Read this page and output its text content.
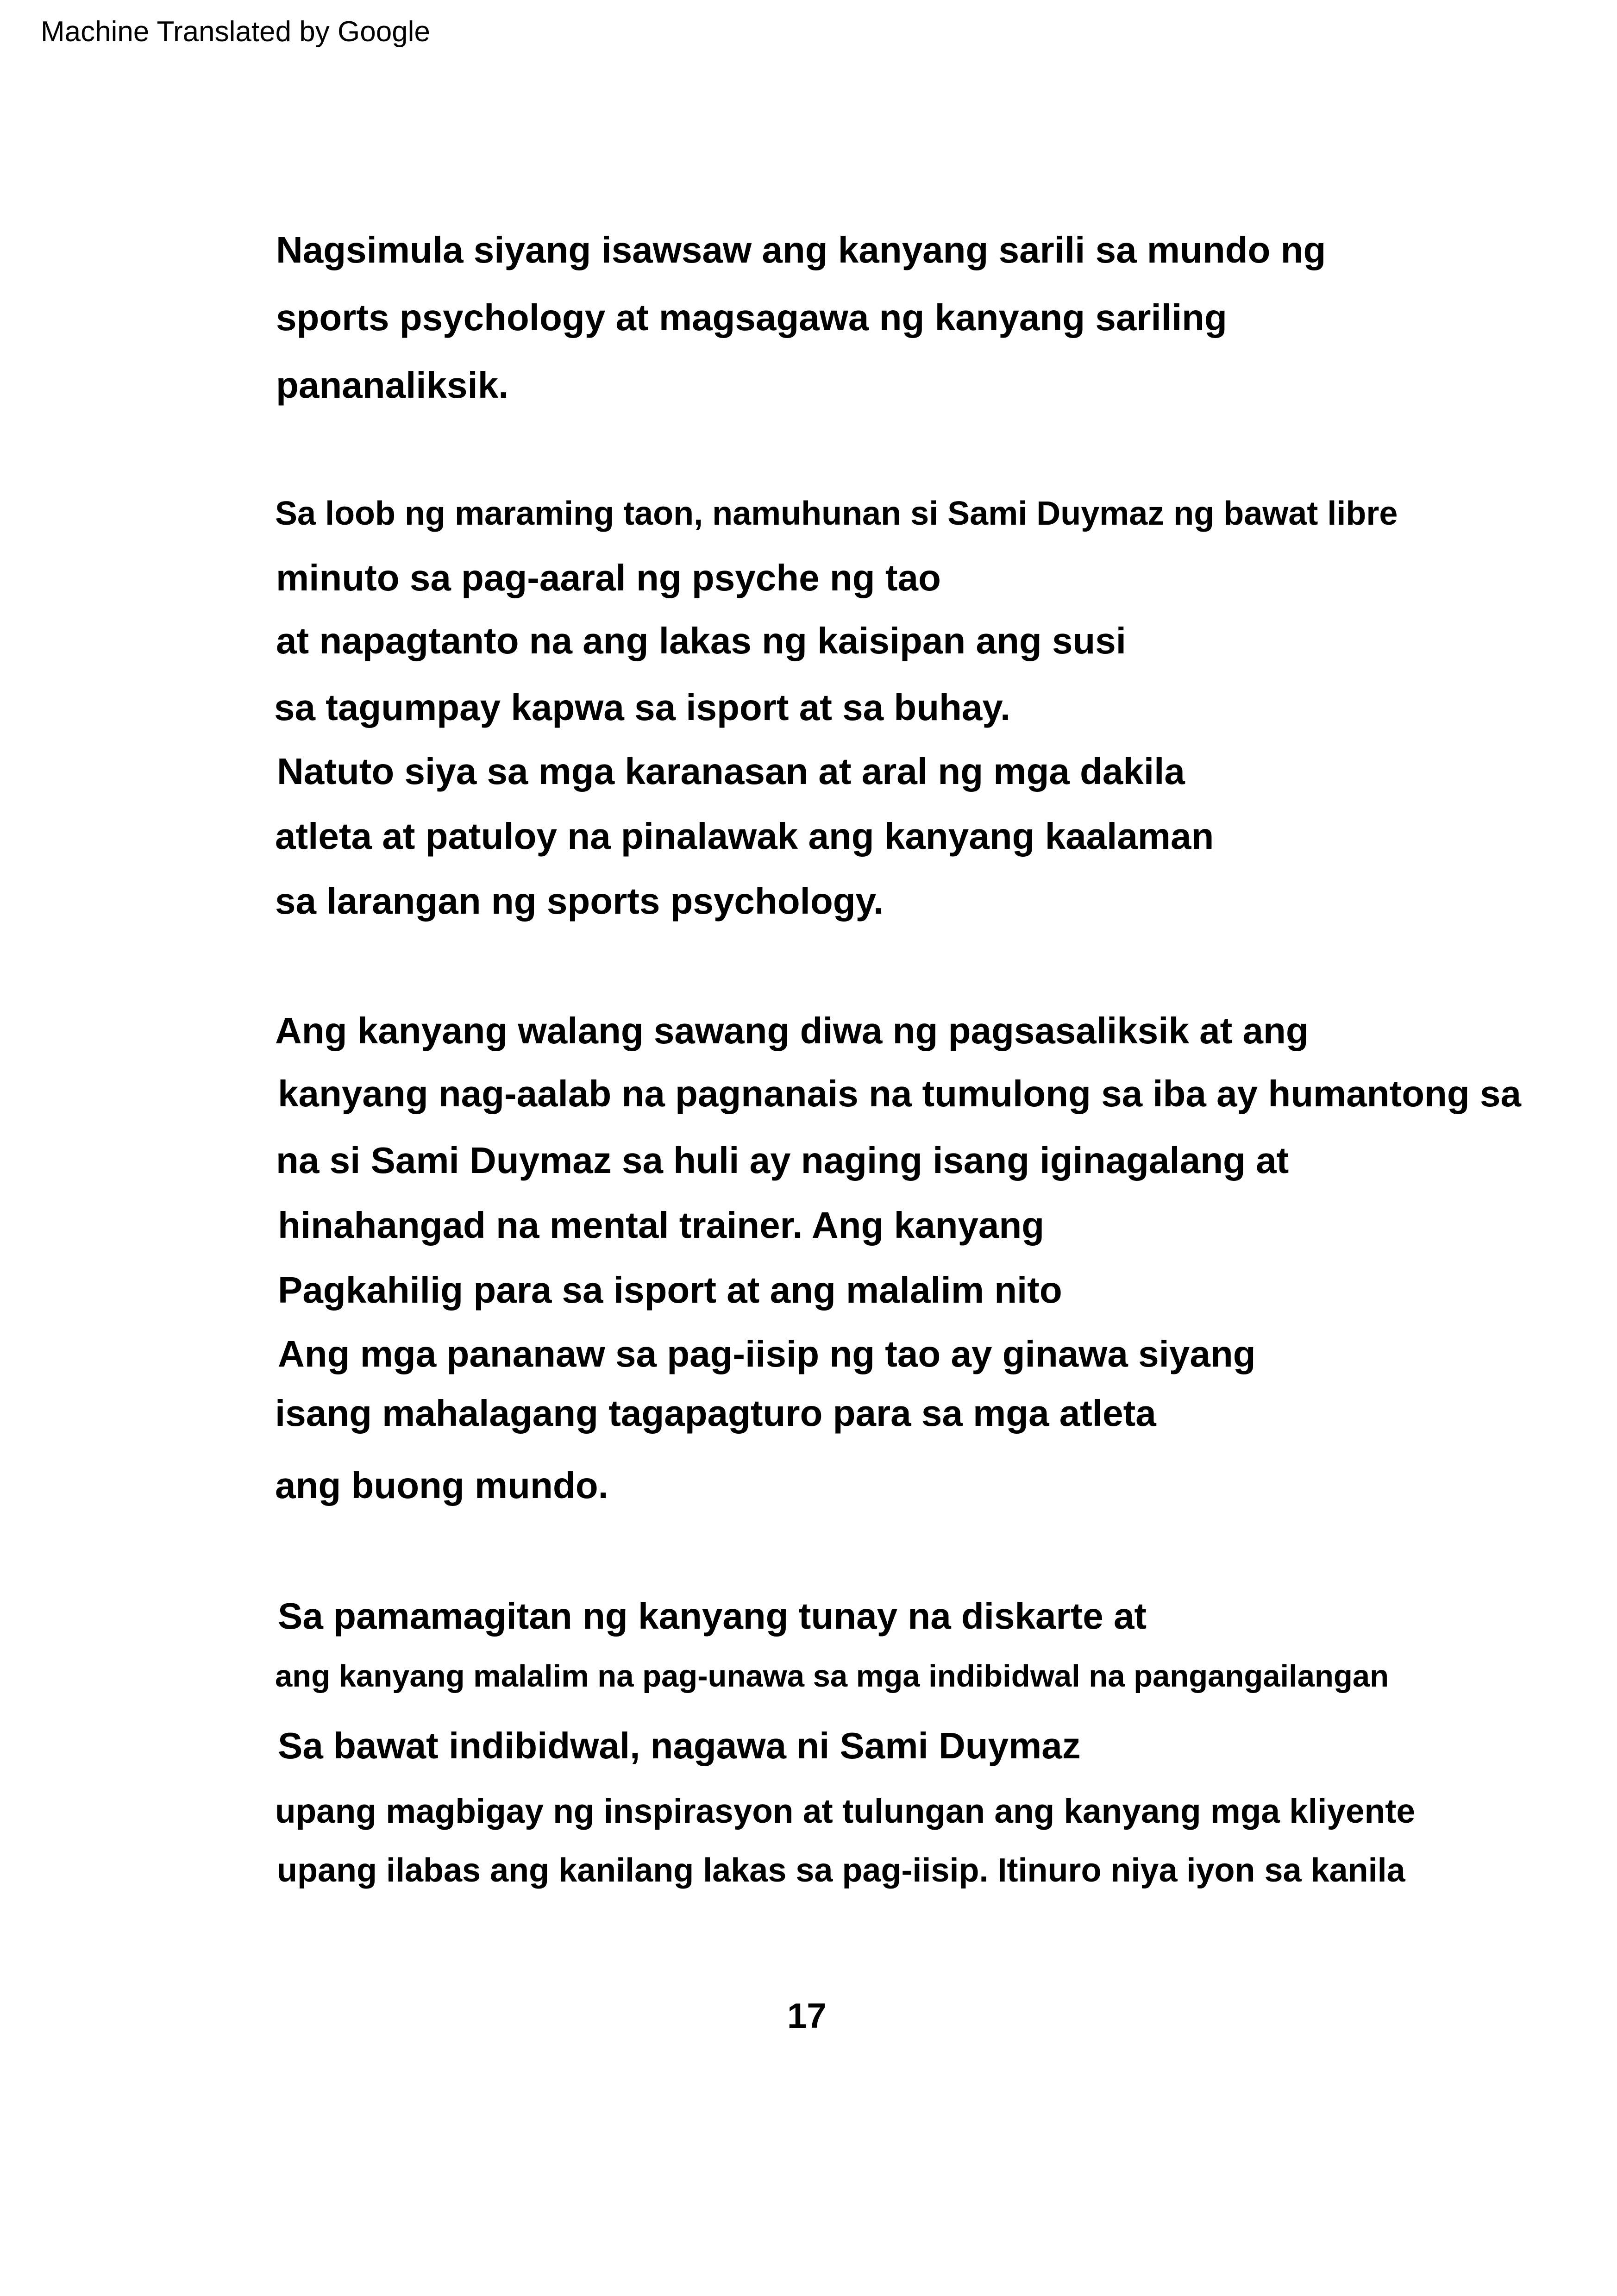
Machine Translated by Google
Nagsimula siyang isawsaw ang kanyang sarili sa mundo ng
sports psychology at magsagawa ng kanyang sariling
pananaliksik.
Sa loob ng maraming taon, namuhunan si Sami Duymaz ng bawat libre
minuto sa pag-aaral ng psyche ng tao
at napagtanto na ang lakas ng kaisipan ang susi
sa tagumpay kapwa sa isport at sa buhay.
Natuto siya sa mga karanasan at aral ng mga dakila
atleta at patuloy na pinalawak ang kanyang kaalaman
sa larangan ng sports psychology.
Ang kanyang walang sawang diwa ng pagsasaliksik at ang
kanyang nag-aalab na pagnanais na tumulong sa iba ay humantong sa
na si Sami Duymaz sa huli ay naging isang iginagalang at
hinahangad na mental trainer. Ang kanyang
Pagkahilig para sa isport at ang malalim nito
Ang mga pananaw sa pag-iisip ng tao ay ginawa siyang
isang mahalagang tagapagturo para sa mga atleta
ang buong mundo.
Sa pamamagitan ng kanyang tunay na diskarte at
ang kanyang malalim na pag-unawa sa mga indibidwal na pangangailangan
Sa bawat indibidwal, nagawa ni Sami Duymaz
upang magbigay ng inspirasyon at tulungan ang kanyang mga kliyente
upang ilabas ang kanilang lakas sa pag-iisip. Itinuro niya iyon sa kanila
17
